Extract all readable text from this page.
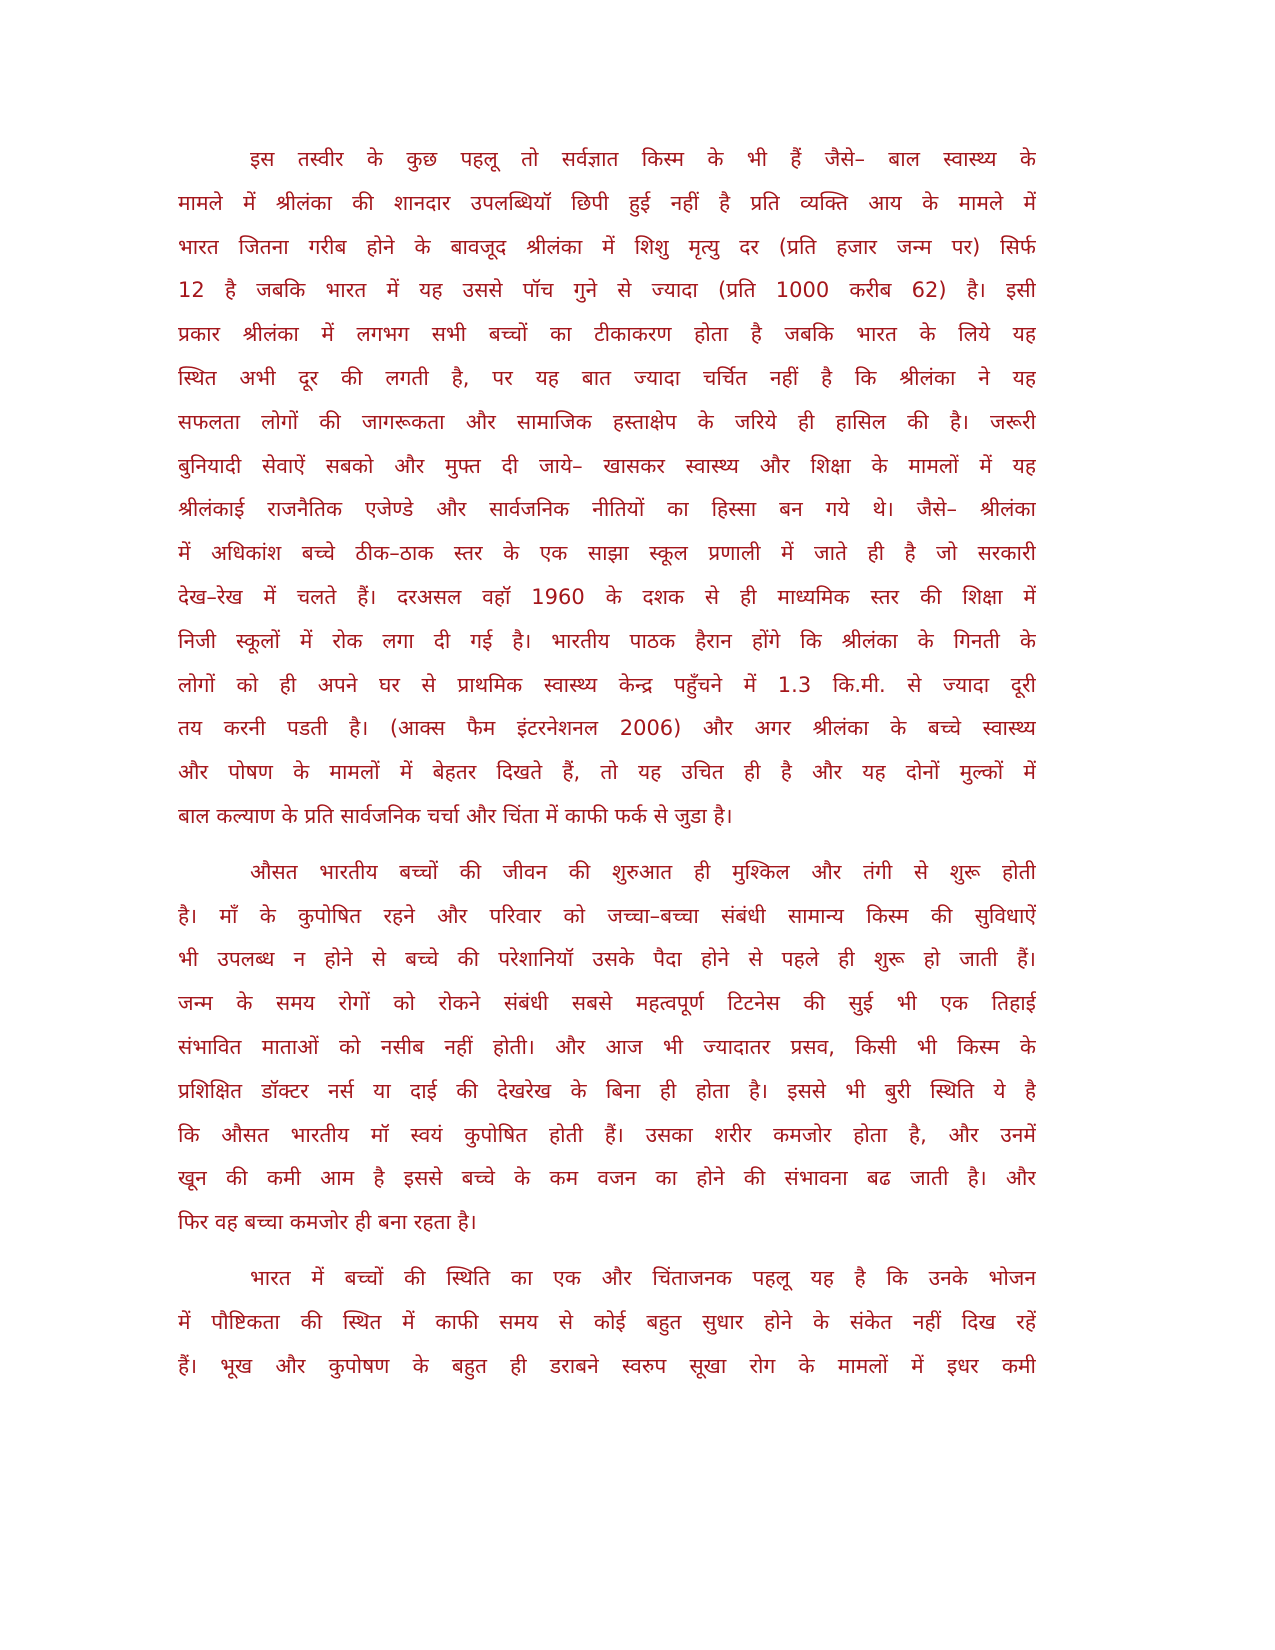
इस तस्वीर के कुछ पहलू तो सर्वज्ञात किस्म के भी हैं जैसे– बाल स्वास्थ्य के
मामले में श्रीलंका की शानदार उपलब्धियॉ छिपी हुई नहीं है प्रति व्यक्ति आय के मामले में
भारत जितना गरीब होने के बावजूद श्रीलंका में शिशु मृत्यु दर (प्रति हजार जन्म पर) सिर्फ
12 है जबकि भारत में यह उससे पॉच गुने से ज्यादा (प्रति 1000 करीब 62) है। इसी
प्रकार श्रीलंका में लगभग सभी बच्चों का टीकाकरण होता है जबकि भारत के लिये यह
स्थित अभी दूर की लगती है, पर यह बात ज्यादा चर्चित नहीं है कि श्रीलंका ने यह
सफलता लोगों की जागरूकता और सामाजिक हस्ताक्षेप के जरिये ही हासिल की है। जरूरी
बुनियादी सेवाऐं सबको और मुफ्त दी जाये– खासकर स्वास्थ्य और शिक्षा के मामलों में यह
श्रीलंकाई राजनैतिक एजेण्डे और सार्वजनिक नीतियों का हिस्सा बन गये थे। जैसे– श्रीलंका
में अधिकांश बच्चे ठीक–ठाक स्तर के एक साझा स्कूल प्रणाली में जाते ही है जो सरकारी
देख–रेख में चलते हैं। दरअसल वहॉ 1960 के दशक से ही माध्यमिक स्तर की शिक्षा में
निजी स्कूलों में रोक लगा दी गई है। भारतीय पाठक हैरान होंगे कि श्रीलंका के गिनती के
लोगों को ही अपने घर से प्राथमिक स्वास्थ्य केन्द्र पहुँचने में 1.3 कि.मी. से ज्यादा दूरी
तय करनी पडती है। (आक्स फैम इंटरनेशनल 2006) और अगर श्रीलंका के बच्चे स्वास्थ्य
और पोषण के मामलों में बेहतर दिखते हैं, तो यह उचित ही है और यह दोनों मुल्कों में
बाल कल्याण के प्रति सार्वजनिक चर्चा और चिंता में काफी फर्क से जुडा है।
औसत भारतीय बच्चों की जीवन की शुरुआत ही मुश्किल और तंगी से शुरू होती
है। माँ के कुपोषित रहने और परिवार को जच्चा–बच्चा संबंधी सामान्य किस्म की सुविधाऐं
भी उपलब्ध न होने से बच्चे की परेशानियॉ उसके पैदा होने से पहले ही शुरू हो जाती हैं।
जन्म के समय रोगों को रोकने संबंधी सबसे महत्वपूर्ण टिटनेस की सुई भी एक तिहाई
संभावित माताओं को नसीब नहीं होती। और आज भी ज्यादातर प्रसव, किसी भी किस्म के
प्रशिक्षित डॉक्टर नर्स या दाई की देखरेख के बिना ही होता है। इससे भी बुरी स्थिति ये है
कि औसत भारतीय मॉ स्वयं कुपोषित होती हैं। उसका शरीर कमजोर होता है, और उनमें
खून की कमी आम है इससे बच्चे के कम वजन का होने की संभावना बढ जाती है। और
फिर वह बच्चा कमजोर ही बना रहता है।
भारत में बच्चों की स्थिति का एक और चिंताजनक पहलू यह है कि उनके भोजन
में पौष्टिकता की स्थित में काफी समय से कोई बहुत सुधार होने के संकेत नहीं दिख रहें
हैं। भूख और कुपोषण के बहुत ही डराबने स्वरुप सूखा रोग के मामलों में इधर कमी
